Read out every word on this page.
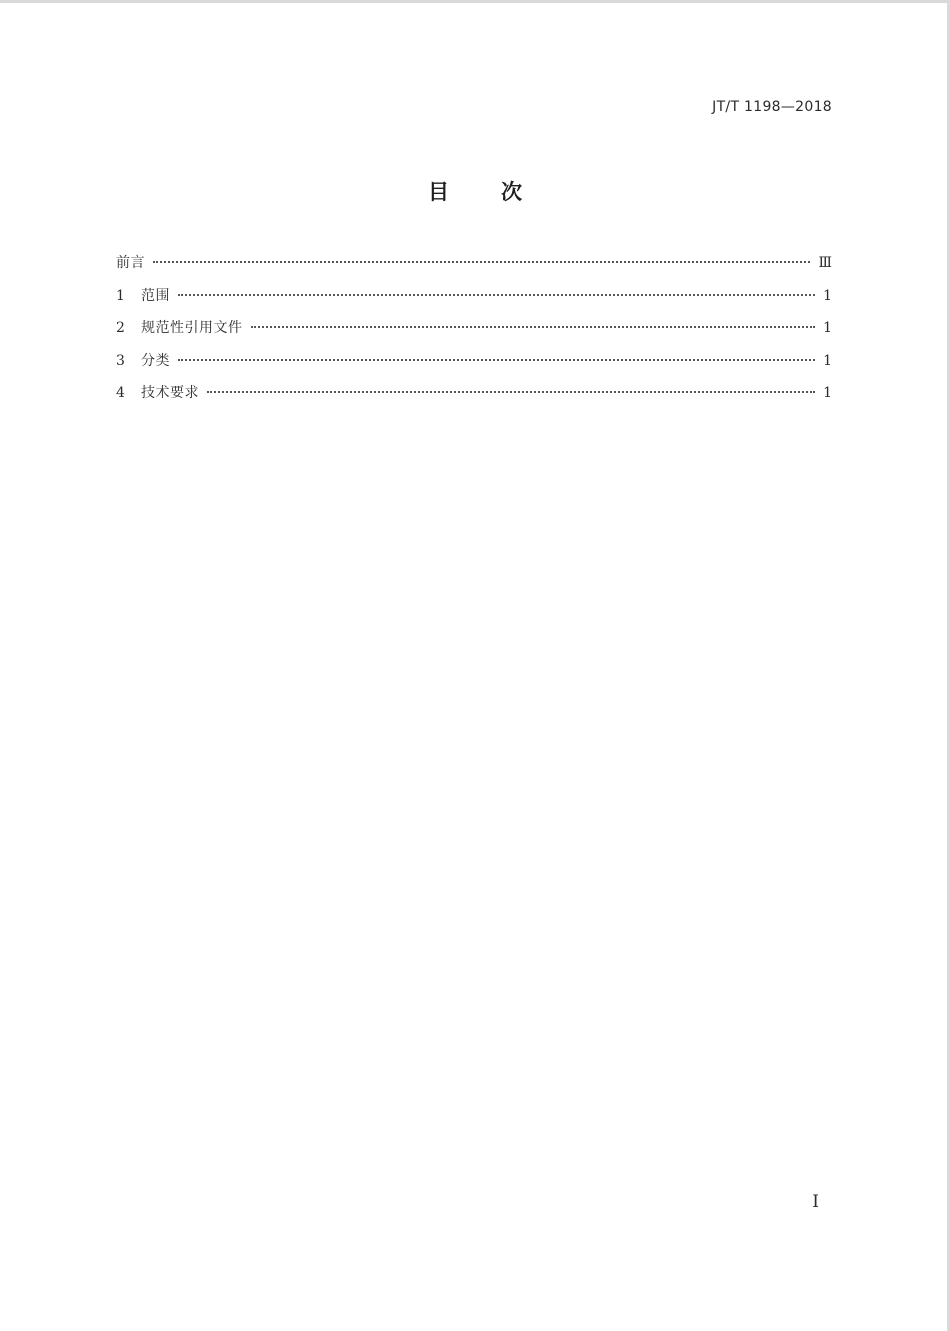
JT/T 1198—2018
目 次
前言	Ⅲ
1	范围	1
2	规范性引用文件	1
3	分类	1
4	技术要求	1
I
